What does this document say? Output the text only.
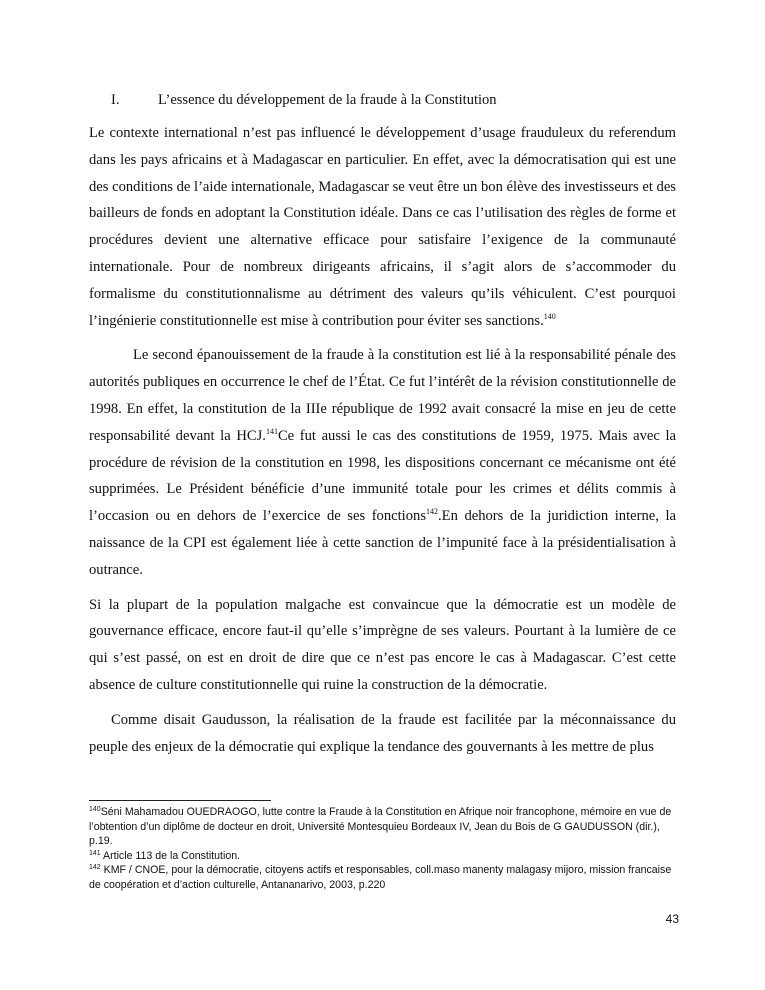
I.	L’essence du développement de la fraude à la Constitution

Le contexte international n’est pas influencé le développement d’usage frauduleux du referendum dans les pays africains et à Madagascar en particulier. En effet, avec la démocratisation qui est une des conditions de l’aide internationale, Madagascar se veut être un bon élève des investisseurs et des bailleurs de fonds en adoptant la Constitution idéale. Dans ce cas l’utilisation des règles de forme et procédures devient une alternative efficace pour satisfaire l’exigence de la communauté internationale. Pour de nombreux dirigeants africains, il s’agit alors de s’accommoder du formalisme du constitutionnalisme au détriment des valeurs qu’ils véhiculent. C’est pourquoi l’ingénierie constitutionnelle est mise à contribution pour éviter ses sanctions.$^{140}$

Le second épanouissement de la fraude à la constitution est lié à la responsabilité pénale des autorités publiques en occurrence le chef de l’État. Ce fut l’intérêt de la révision constitutionnelle de 1998. En effet, la constitution de la IIIe république de 1992 avait consacré la mise en jeu de cette responsabilité devant la HCJ.$^{141}$Ce fut aussi le cas des constitutions de 1959, 1975. Mais avec la procédure de révision de la constitution en 1998, les dispositions concernant ce mécanisme ont été supprimées. Le Président bénéficie d’une immunité totale pour les crimes et délits commis à l’occasion ou en dehors de l’exercice de ses fonctions$^{142}$.En dehors de la juridiction interne, la naissance de la CPI est également liée à cette sanction de l’impunité face à la présidentialisation à outrance.

Si la plupart de la population malgache est convaincue que la démocratie est un modèle de gouvernance efficace, encore faut-il qu’elle s’imprègne de ses valeurs. Pourtant à la lumière de ce qui s’est passé, on est en droit de dire que ce n’est pas encore le cas à Madagascar. C’est cette absence de culture constitutionnelle qui ruine la construction de la démocratie.

Comme disait Gaudusson, la réalisation de la fraude est facilitée par la méconnaissance du peuple des enjeux de la démocratie qui explique la tendance des gouvernants à les mettre de plus

$^{140}$Séni Mahamadou OUEDRAOGO, lutte contre la Fraude à la Constitution en Afrique noir francophone, mémoire en vue de l’obtention d’un diplôme de docteur en droit, Université Montesquieu Bordeaux IV, Jean du Bois de G GAUDUSSON (dir.), p.19.

$^{141}$ Article 113 de la Constitution.

$^{142}$ KMF / CNOE, pour la démocratie, citoyens actifs et responsables, coll.maso manenty malagasy mijoro, mission francaise de coopération et d’action culturelle, Antananarivo, 2003, p.220

43
